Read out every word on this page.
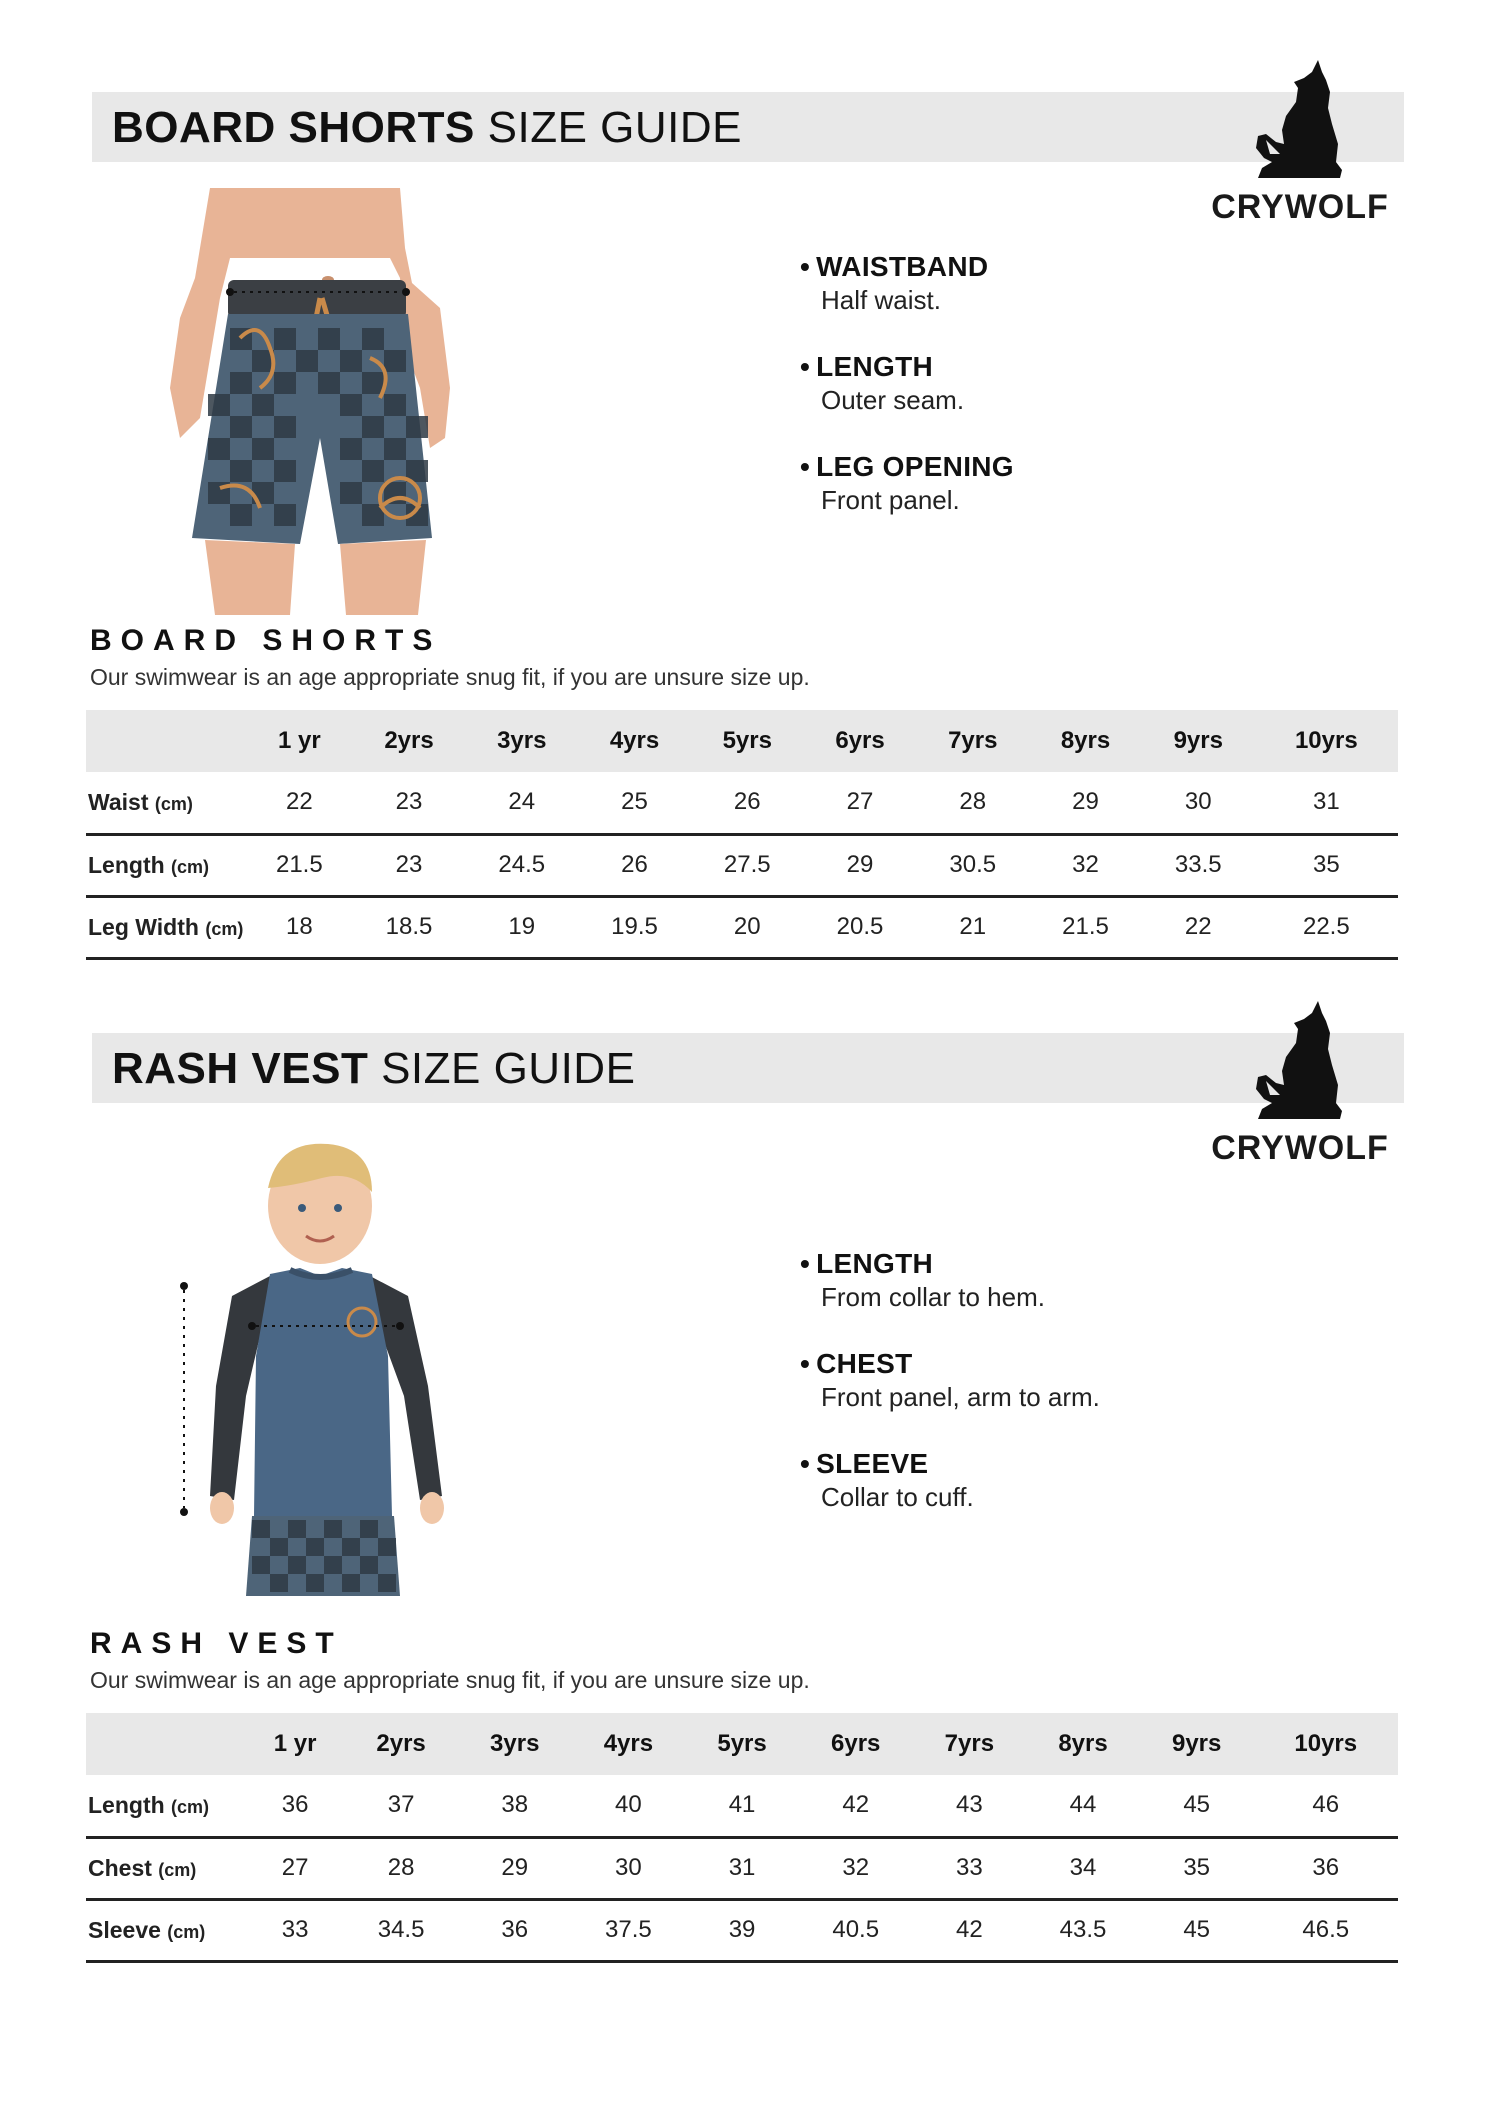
BOARD SHORTS SIZE GUIDE
CRYWOLF
• WAISTBAND
Half waist.
• LENGTH
Outer seam.
• LEG OPENING
Front panel.
BOARD SHORTS
Our swimwear is an age appropriate snug fit, if you are unsure size up.
	1 yr	2yrs	3yrs	4yrs	5yrs	6yrs	7yrs	8yrs	9yrs	10yrs
Waist (cm)	22	23	24	25	26	27	28	29	30	31
Length (cm)	21.5	23	24.5	26	27.5	29	30.5	32	33.5	35
Leg Width (cm)	18	18.5	19	19.5	20	20.5	21	21.5	22	22.5
RASH VEST SIZE GUIDE
CRYWOLF
• LENGTH
From collar to hem.
• CHEST
Front panel, arm to arm.
• SLEEVE
Collar to cuff.
RASH VEST
Our swimwear is an age appropriate snug fit, if you are unsure size up.
	1 yr	2yrs	3yrs	4yrs	5yrs	6yrs	7yrs	8yrs	9yrs	10yrs
Length (cm)	36	37	38	40	41	42	43	44	45	46
Chest (cm)	27	28	29	30	31	32	33	34	35	36
Sleeve (cm)	33	34.5	36	37.5	39	40.5	42	43.5	45	46.5
